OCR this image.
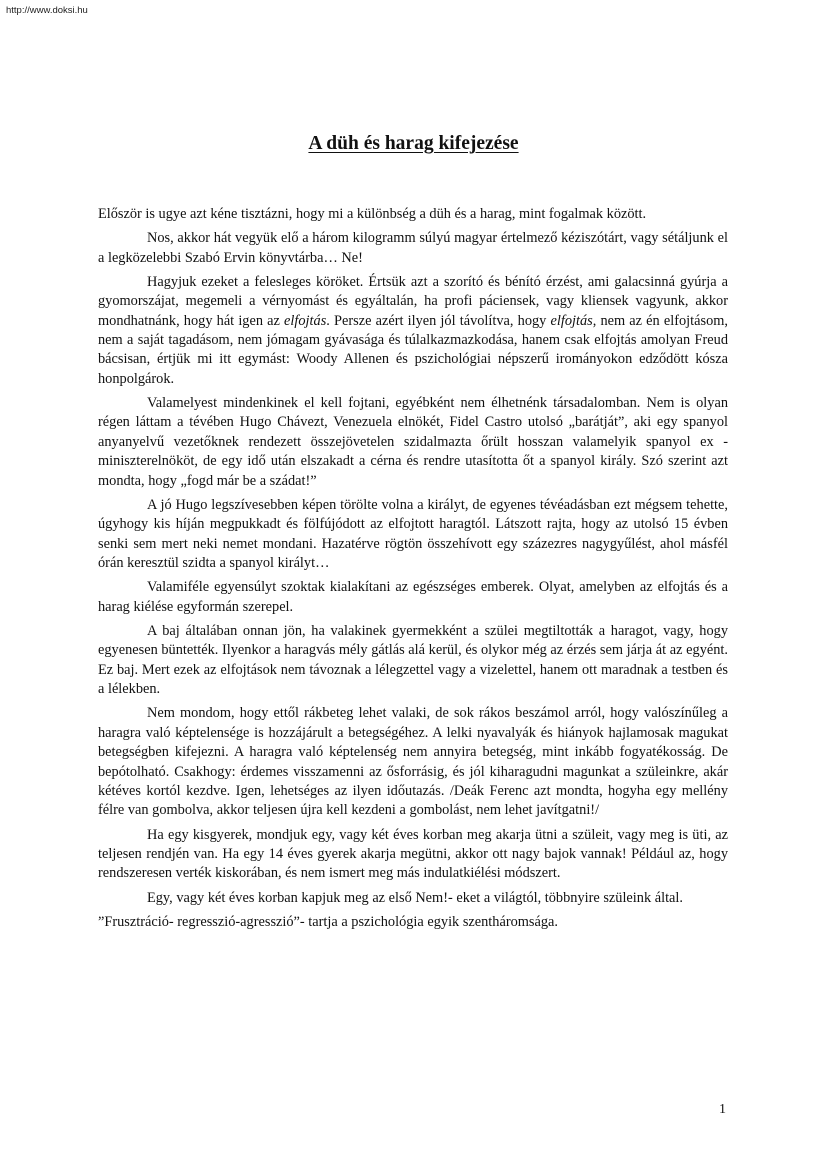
http://www.doksi.hu
A düh és harag kifejezése

Először is ugye azt kéne tisztázni, hogy mi a különbség a düh és a harag, mint fogalmak között.

Nos, akkor hát vegyük elő a három kilogramm súlyú magyar értelmező kéziszótárt, vagy sétáljunk el a legközelebbi Szabó Ervin könyvtárba… Ne!

Hagyjuk ezeket a felesleges köröket. Értsük azt a szorító és bénító érzést, ami galacsinná gyúrja a gyomorszájat, megemeli a vérnyomást és egyáltalán, ha profi páciensek, vagy kliensek vagyunk, akkor mondhatnánk, hogy hát igen az elfojtás. Persze azért ilyen jól távolítva, hogy elfojtás, nem az én elfojtásom, nem a saját tagadásom, nem jómagam gyávasága és túlalkazmazkodása, hanem csak elfojtás amolyan Freud bácsisan, értjük mi itt egymást: Woody Allenen és pszichológiai népszerű irományokon edződött kósza honpolgárok.

Valamelyest mindenkinek el kell fojtani, egyébként nem élhetnénk társadalomban. Nem is olyan régen láttam a tévében Hugo Chávezt, Venezuela elnökét, Fidel Castro utolsó „barátját”, aki egy spanyol anyanyelvű vezetőknek rendezett összejövetelen szidalmazta őrült hosszan valamelyik spanyol ex -miniszterelnököt, de egy idő után elszakadt a cérna és rendre utasította őt a spanyol király. Szó szerint azt mondta, hogy „fogd már be a szádat!”

A jó Hugo legszívesebben képen törölte volna a királyt, de egyenes tévéadásban ezt mégsem tehette, úgyhogy kis híján megpukkadt és fölfújódott az elfojtott haragtól. Látszott rajta, hogy az utolsó 15 évben senki sem mert neki nemet mondani. Hazatérve rögtön összehívott egy százezres nagygyűlést, ahol másfél órán keresztül szidta a spanyol királyt…

Valamiféle egyensúlyt szoktak kialakítani az egészséges emberek. Olyat, amelyben az elfojtás és a harag kiélése egyformán szerepel.

A baj általában onnan jön, ha valakinek gyermekként a szülei megtiltották a haragot, vagy, hogy egyenesen büntették. Ilyenkor a haragvás mély gátlás alá kerül, és olykor még az érzés sem járja át az egyént. Ez baj. Mert ezek az elfojtások nem távoznak a lélegzettel vagy a vizelettel, hanem ott maradnak a testben és a lélekben.

Nem mondom, hogy ettől rákbeteg lehet valaki, de sok rákos beszámol arról, hogy valószínűleg a haragra való képtelensége is hozzájárult a betegségéhez. A lelki nyavalyák és hiányok hajlamosak magukat betegségben kifejezni. A haragra való képtelenség nem annyira betegség, mint inkább fogyatékosság. De bepótolható. Csakhogy: érdemes visszamenni az ősforrásig, és jól kiharagudni magunkat a szüleinkre, akár kétéves kortól kezdve. Igen, lehetséges az ilyen időutazás. /Deák Ferenc azt mondta, hogyha egy mellény félre van gombolva, akkor teljesen újra kell kezdeni a gombolást, nem lehet javítgatni!/

Ha egy kisgyerek, mondjuk egy, vagy két éves korban meg akarja ütni a szüleit, vagy meg is üti, az teljesen rendjén van. Ha egy 14 éves gyerek akarja megütni, akkor ott nagy bajok vannak! Például az, hogy rendszeresen verték kiskorában, és nem ismert meg más indulatkiélési módszert.

Egy, vagy két éves korban kapjuk meg az első Nem!- eket a világtól, többnyire szüleink által.

”Frusztráció- regresszió-agresszió”- tartja a pszichológia egyik szentháromsága.

1
